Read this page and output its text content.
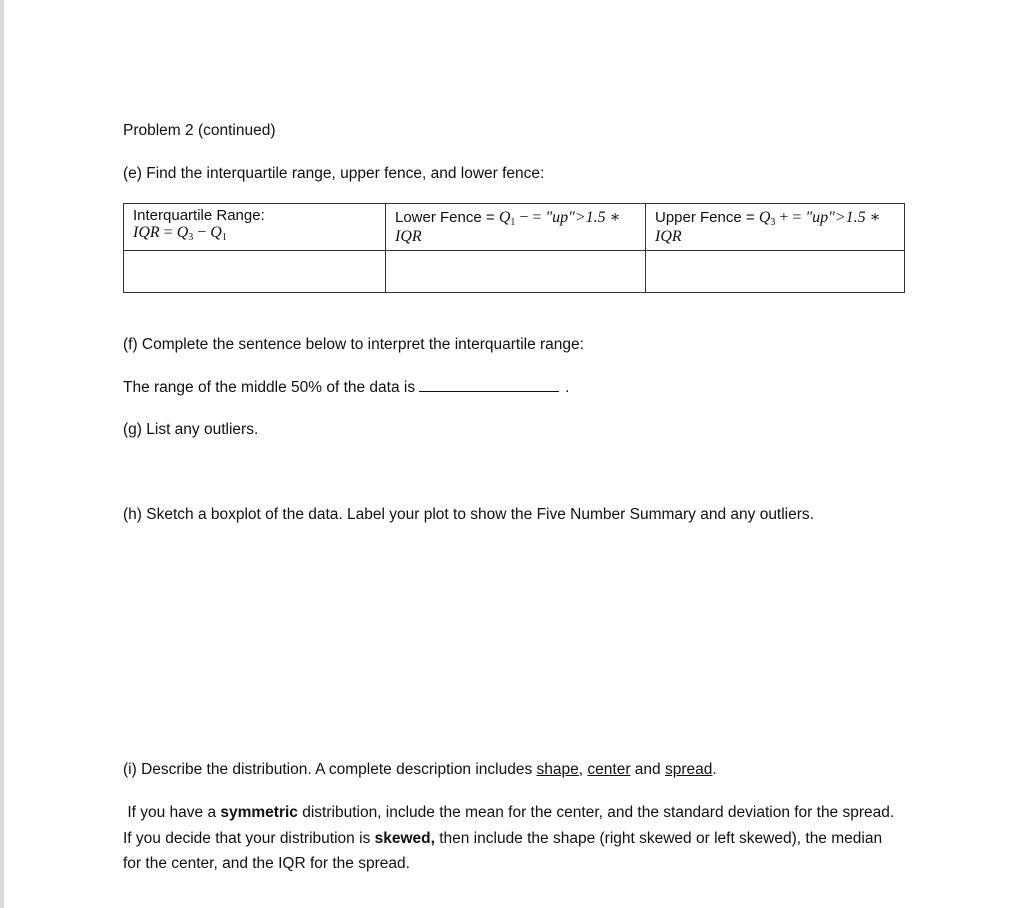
Problem 2 (continued)
(e) Find the interquartile range, upper fence, and lower fence:
Interquartile Range:
IQR = $Q_3 - Q_1$	Lower Fence = $Q_1$ − = "up">1.5 ∗ IQR	Upper Fence = $Q_3$ + = "up">1.5 ∗ IQR

(f) Complete the sentence below to interpret the interquartile range:
The range of the middle 50% of the data is	.
(g) List any outliers.
(h) Sketch a boxplot of the data. Label your plot to show the Five Number Summary and any outliers.
(i) Describe the distribution. A complete description includes shape, center and spread.
If you have a symmetric distribution, include the mean for the center, and the standard deviation for the spread. If you decide that your distribution is skewed, then include the shape (right skewed or left skewed), the median for the center, and the IQR for the spread.
